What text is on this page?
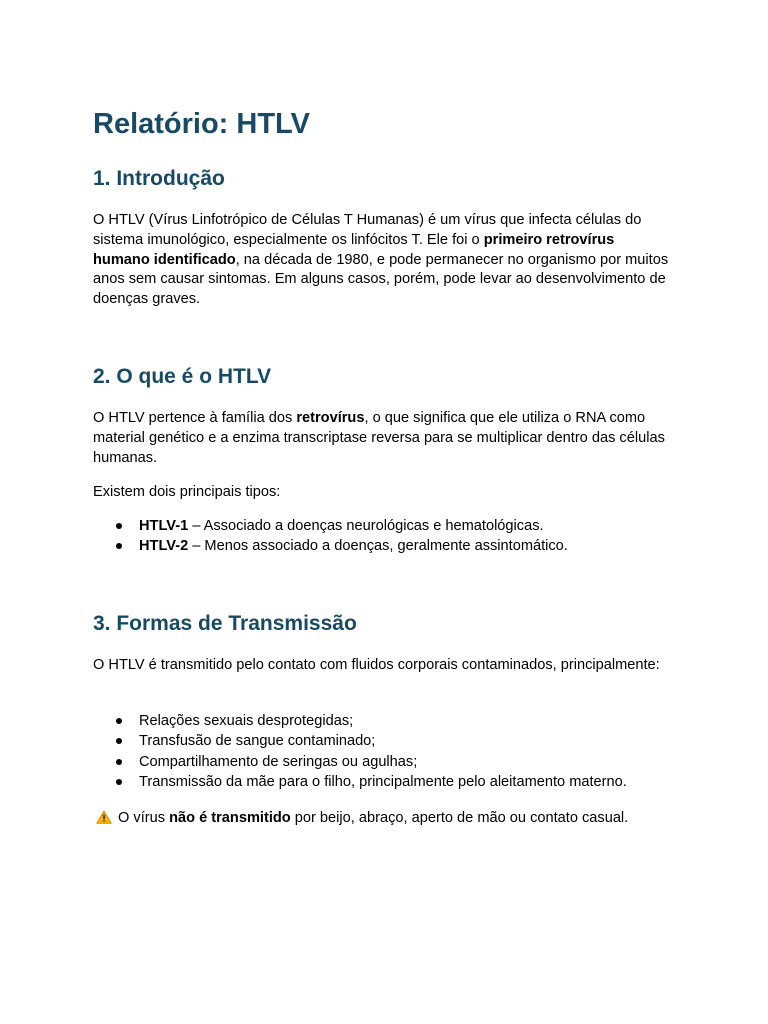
Relatório: HTLV
1. Introdução

O HTLV (Vírus Linfotrópico de Células T Humanas) é um vírus que infecta células do sistema imunológico, especialmente os linfócitos T. Ele foi o primeiro retrovírus humano identificado, na década de 1980, e pode permanecer no organismo por muitos anos sem causar sintomas. Em alguns casos, porém, pode levar ao desenvolvimento de doenças graves.

2. O que é o HTLV

O HTLV pertence à família dos retrovírus, o que significa que ele utiliza o RNA como material genético e a enzima transcriptase reversa para se multiplicar dentro das células humanas.

Existem dois principais tipos:

HTLV-1 – Associado a doenças neurológicas e hematológicas.
HTLV-2 – Menos associado a doenças, geralmente assintomático.
3. Formas de Transmissão

O HTLV é transmitido pelo contato com fluidos corporais contaminados, principalmente:

Relações sexuais desprotegidas;
Transfusão de sangue contaminado;
Compartilhamento de seringas ou agulhas;
Transmissão da mãe para o filho, principalmente pelo aleitamento materno.

O vírus não é transmitido por beijo, abraço, aperto de mão ou contato casual.
